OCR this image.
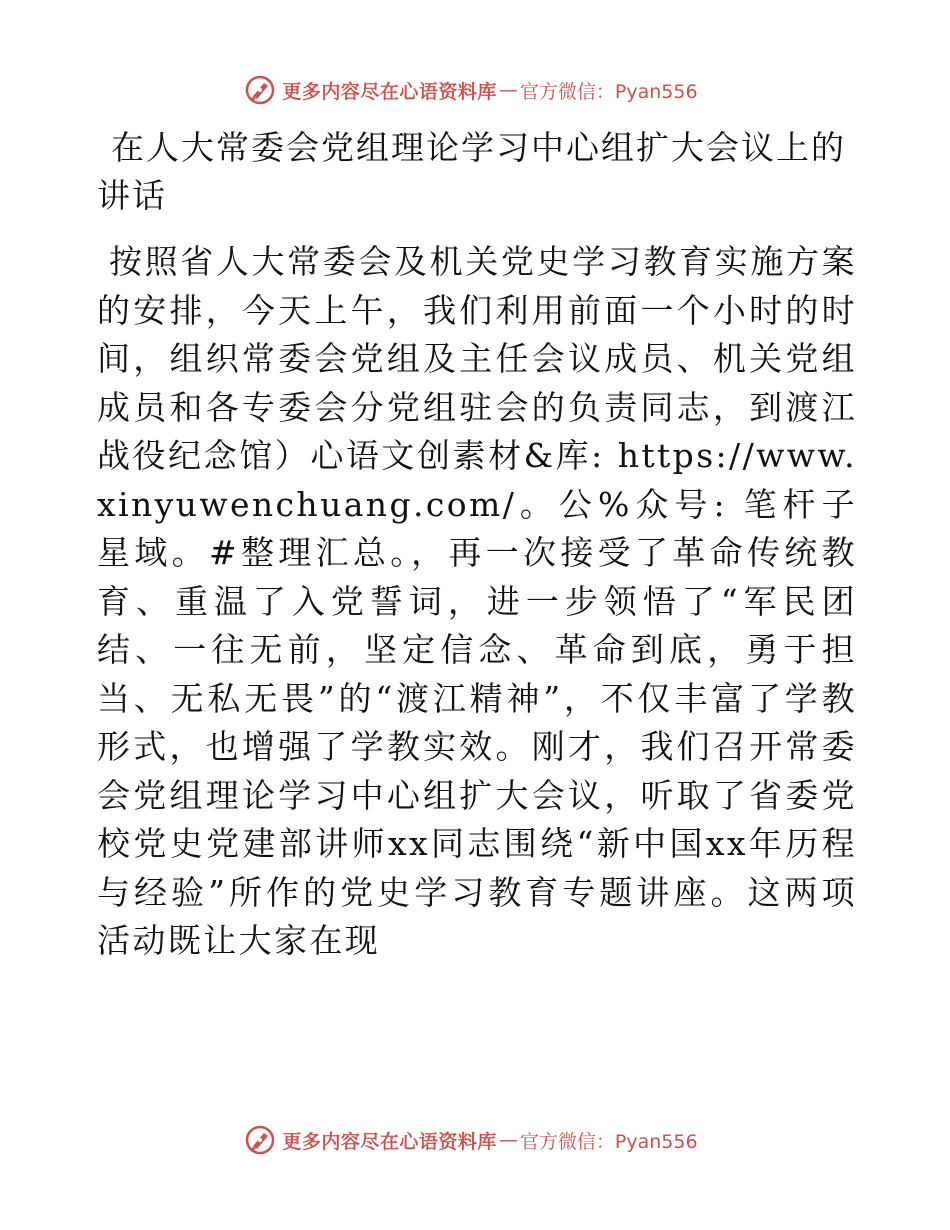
更多内容尽在心语资料库 — 官方微信：Pyan556
在人大常委会党组理论学习中心组扩大会议上的讲话

按照省人大常委会及机关党史学习教育实施方案的安排，今天上午，我们利用前面一个小时的时间，组织常委会党组及主任会议成员、机关党组成员和各专委会分党组驻会的负责同志，到渡江战役纪念馆）心语文创素材&库: https://www.xinyuwenchuang.com/。公%众号: 笔杆子星域。#整理汇总。，再一次接受了革命传统教育、重温了入党誓词，进一步领悟了“军民团结、一往无前，坚定信念、革命到底，勇于担当、无私无畏”的“渡江精神”，不仅丰富了学教形式，也增强了学教实效。刚才，我们召开常委会党组理论学习中心组扩大会议，听取了省委党校党史党建部讲师xx同志围绕“新中国xx年历程与经验”所作的党史学习教育专题讲座。这两项活动既让大家在现

更多内容尽在心语资料库 — 官方微信：Pyan556
